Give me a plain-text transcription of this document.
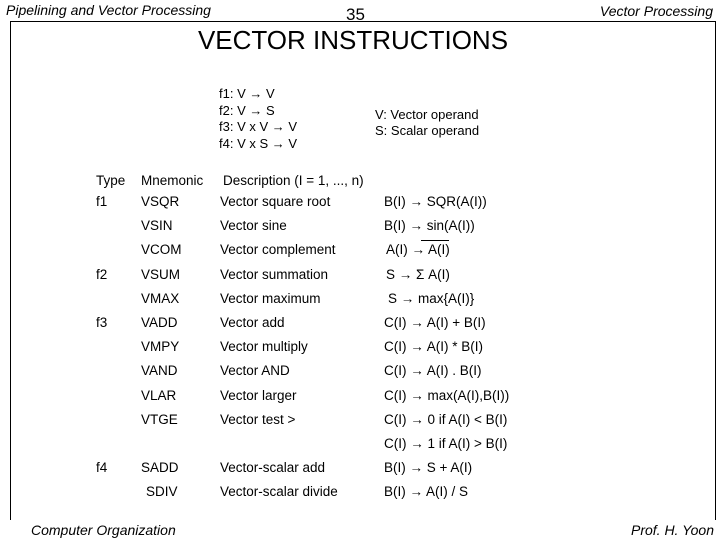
Pipelining and Vector Processing	35	Vector Processing
VECTOR INSTRUCTIONS
f1: V → V
f2: V → S
f3: V x V → V
f4: V x S → V
V: Vector operand
S: Scalar operand
Type Mnemonic Description (I = 1, ..., n)
f1 VSQR	Vector square root	B(I) → SQR(A(I))
VSIN	Vector sine	B(I) → sin(A(I))
VCOM	Vector complement	A(I) → A(I)
f2 VSUM	Vector summation	S → Σ A(I)
VMAX	Vector maximum	S → max{A(I)}
f3 VADD	Vector add	C(I) → A(I) + B(I)
VMPY	Vector multiply	C(I) → A(I) * B(I)
VAND	Vector AND	C(I) → A(I) . B(I)
VLAR	Vector larger	C(I) → max(A(I),B(I))
VTGE	Vector test >	C(I) → 0 if A(I) < B(I)
C(I) → 1 if A(I) > B(I)
f4 SADD	Vector-scalar add	B(I) → S + A(I)
SDIV	Vector-scalar divide	B(I) → A(I) / S
Computer Organization	Prof. H. Yoon
